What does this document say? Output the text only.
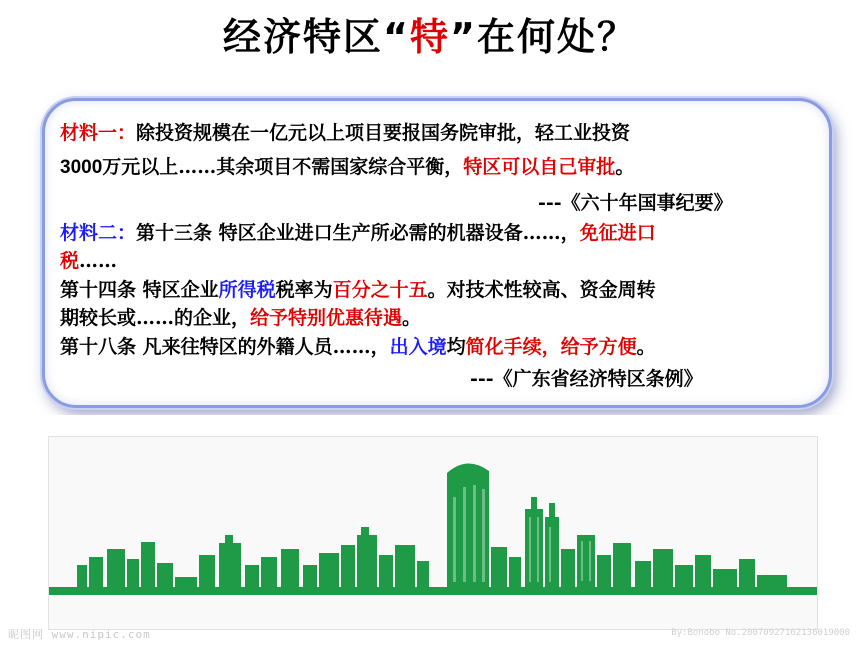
经济特区“特”在何处？
材料一：除投资规模在一亿元以上项目要报国务院审批，轻工业投资
3000万元以上……其余项目不需国家综合平衡，特区可以自己审批。
---《六十年国事纪要》
材料二：第十三条 特区企业进口生产所必需的机器设备……，免征进口
税……
第十四条 特区企业所得税税率为百分之十五。对技术性较高、资金周转
期较长或……的企业，给予特别优惠待遇。
第十八条 凡来往特区的外籍人员……，出入境均简化手续，给予方便。
---《广东省经济特区条例》
昵图网 www.nipic.com	By:Bonobo No.20070927162136019000
